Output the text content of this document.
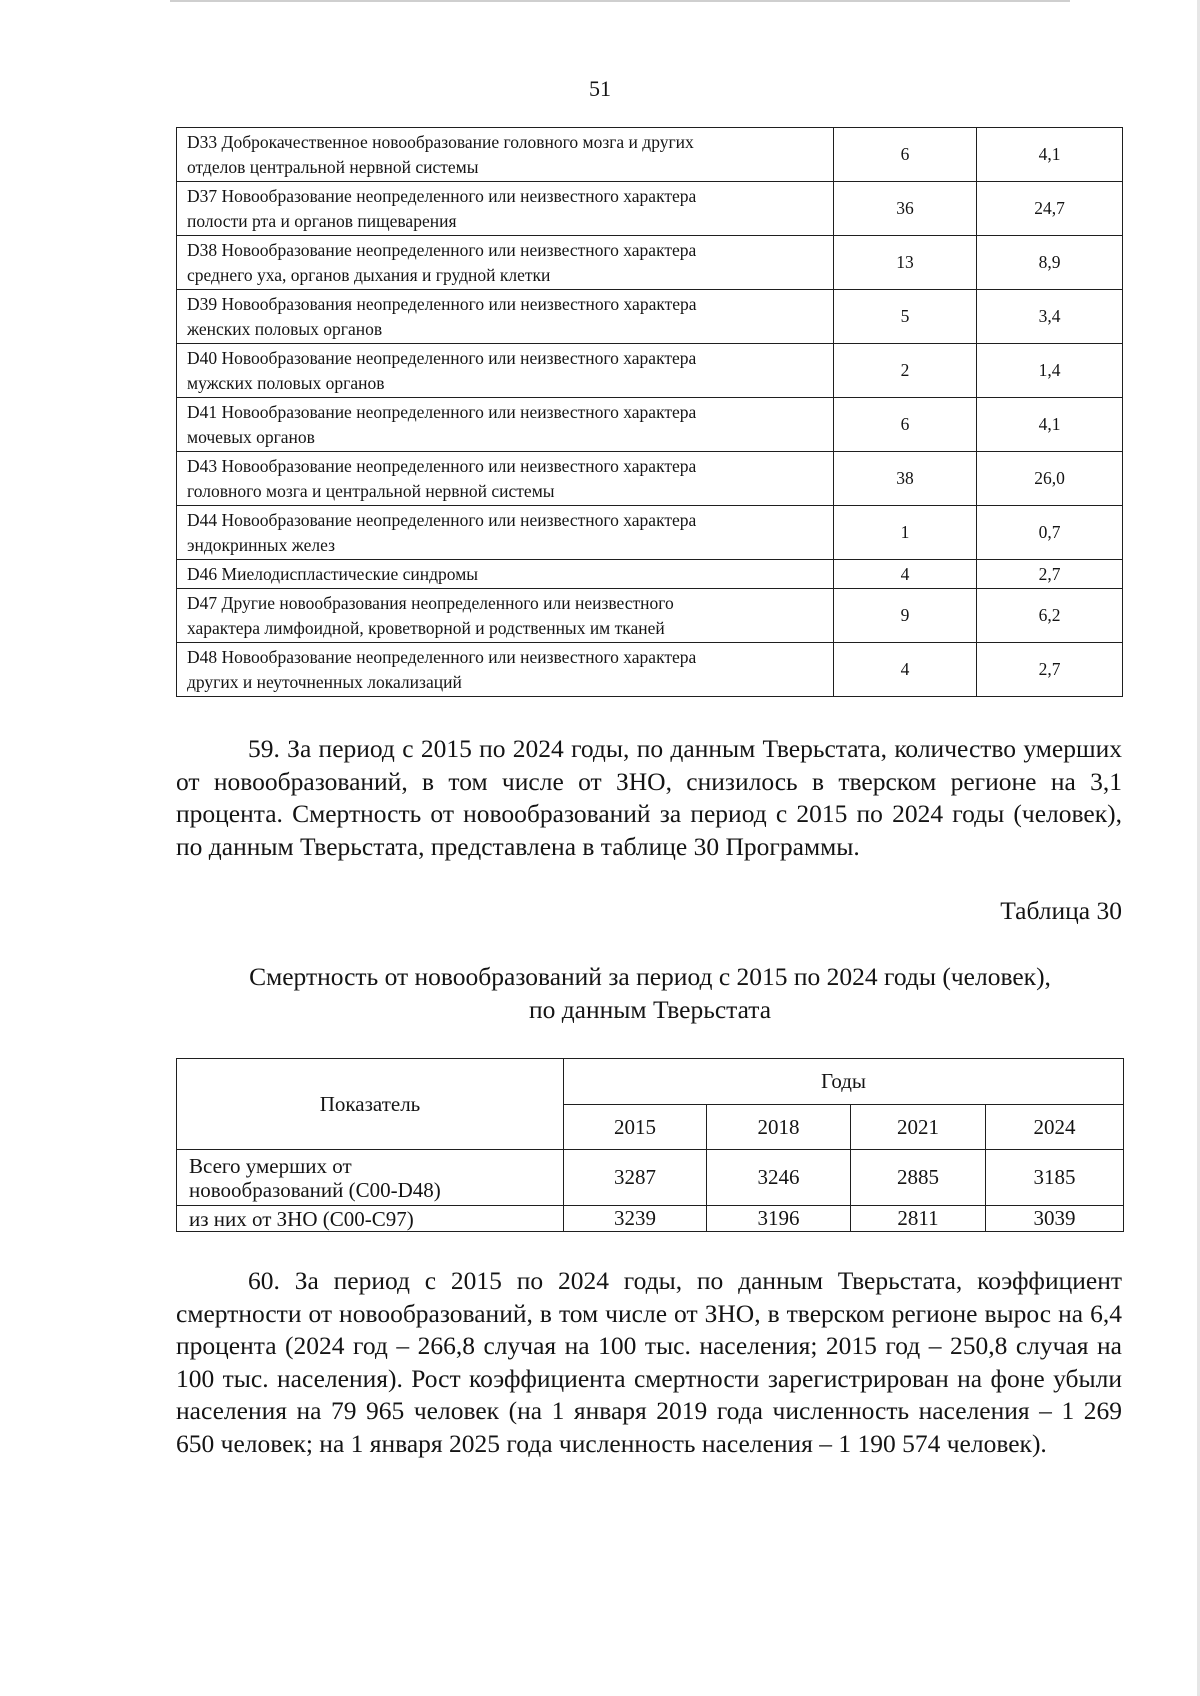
51
D33 Доброкачественное новообразование головного мозга и других
отделов центральной нервной системы	6	4,1
D37 Новообразование неопределенного или неизвестного характера
полости рта и органов пищеварения	36	24,7
D38 Новообразование неопределенного или неизвестного характера
среднего уха, органов дыхания и грудной клетки	13	8,9
D39 Новообразования неопределенного или неизвестного характера
женских половых органов	5	3,4
D40 Новообразование неопределенного или неизвестного характера
мужских половых органов	2	1,4
D41 Новообразование неопределенного или неизвестного характера
мочевых органов	6	4,1
D43 Новообразование неопределенного или неизвестного характера
головного мозга и центральной нервной системы	38	26,0
D44 Новообразование неопределенного или неизвестного характера
эндокринных желез	1	0,7
D46 Миелодиспластические синдромы	4	2,7
D47 Другие новообразования неопределенного или неизвестного
характера лимфоидной, кроветворной и родственных им тканей	9	6,2
D48 Новообразование неопределенного или неизвестного характера
других и неуточненных локализаций	4	2,7

59. За период с 2015 по 2024 годы, по данным Тверьстата, количество умерших от новообразований, в том числе от ЗНО, снизилось в тверском регионе на 3,1 процента. Смертность от новообразований за период с 2015 по 2024 годы (человек), по данным Тверьстата, представлена в таблице 30 Программы.

Таблица 30
Смертность от новообразований за период с 2015 по 2024 годы (человек),
по данным Тверьстата
Показатель	Годы			
	2015	2018	2021	2024
Всего умерших от
новообразований (С00-D48)	3287	3246	2885	3185
из них от ЗНО (С00-С97)	3239	3196	2811	3039

60. За период с 2015 по 2024 годы, по данным Тверьстата, коэффициент смертности от новообразований, в том числе от ЗНО, в тверском регионе вырос на 6,4 процента (2024 год – 266,8 случая на 100 тыс. населения; 2015 год – 250,8 случая на 100 тыс. населения). Рост коэффициента смертности зарегистрирован на фоне убыли населения на 79 965 человек (на 1 января 2019 года численность населения – 1 269 650 человек; на 1 января 2025 года численность населения – 1 190 574 человек).
